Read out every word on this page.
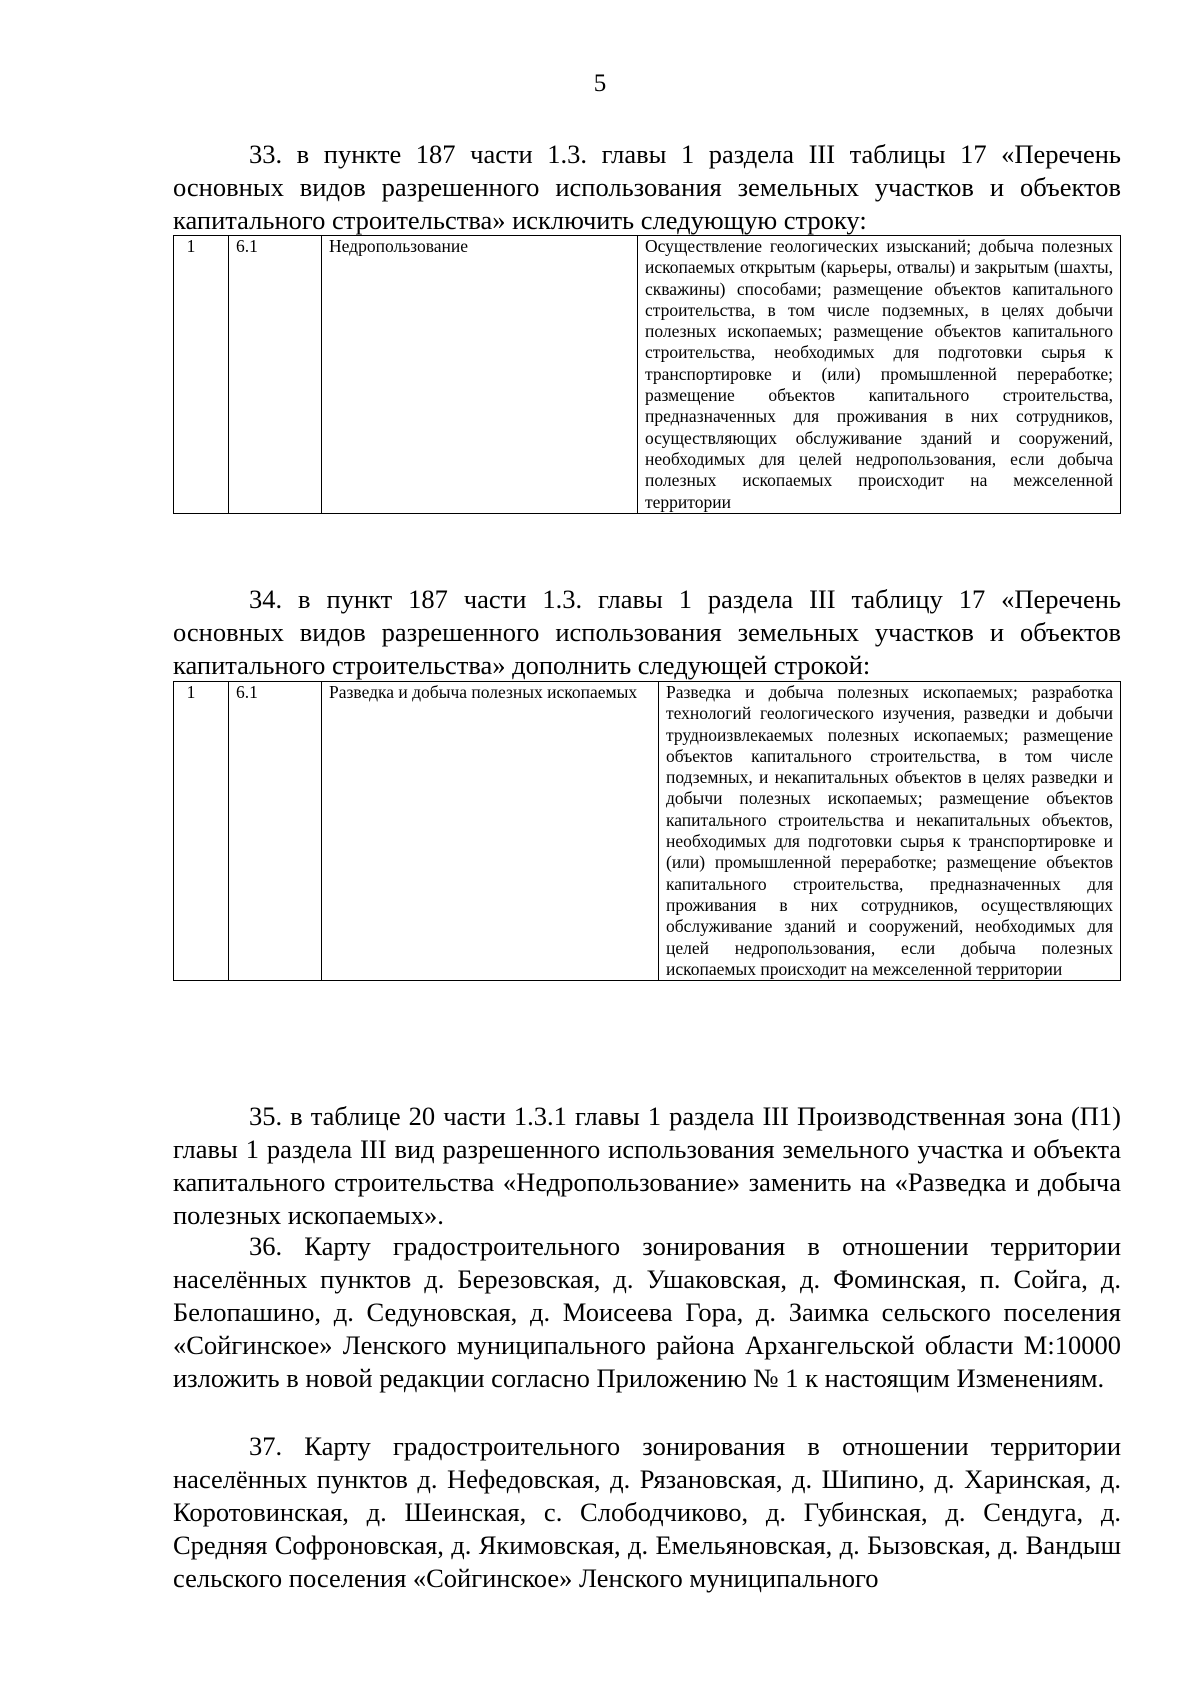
5

33. в пункте 187 части 1.3. главы 1 раздела III таблицы 17 «Перечень основных видов разрешенного использования земельных участков и объектов капитального строительства» исключить следующую строку:

1	6.1	Недропользование	Осуществление геологических изысканий; добыча полезных ископаемых открытым (карьеры, отвалы) и закрытым (шахты, скважины) способами; размещение объектов капитального строительства, в том числе подземных, в целях добычи полезных ископаемых; размещение объектов капитального строительства, необходимых для подготовки сырья к транспортировке и (или) промышленной переработке; размещение объектов капитального строительства, предназначенных для проживания в них сотрудников, осуществляющих обслуживание зданий и сооружений, необходимых для целей недропользования, если добыча полезных ископаемых происходит на межселенной территории

34. в пункт 187 части 1.3. главы 1 раздела III таблицу 17 «Перечень основных видов разрешенного использования земельных участков и объектов капитального строительства» дополнить следующей строкой:

1	6.1	Разведка и добыча полезных ископаемых	Разведка и добыча полезных ископаемых; разработка технологий геологического изучения, разведки и добычи трудноизвлекаемых полезных ископаемых; размещение объектов капитального строительства, в том числе подземных, и некапитальных объектов в целях разведки и добычи полезных ископаемых; размещение объектов капитального строительства и некапитальных объектов, необходимых для подготовки сырья к транспортировке и (или) промышленной переработке; размещение объектов капитального строительства, предназначенных для проживания в них сотрудников, осуществляющих обслуживание зданий и сооружений, необходимых для целей недропользования, если добыча полезных ископаемых происходит на межселенной территории

35. в таблице 20 части 1.3.1 главы 1 раздела III Производственная зона (П1) главы 1 раздела III вид разрешенного использования земельного участка и объекта капитального строительства «Недропользование» заменить на «Разведка и добыча полезных ископаемых».

36. Карту градостроительного зонирования в отношении территории населённых пунктов д. Березовская, д. Ушаковская, д. Фоминская, п. Сойга, д. Белопашино, д. Седуновская, д. Моисеева Гора, д. Заимка сельского поселения «Сойгинское» Ленского муниципального района Архангельской области М:10000 изложить в новой редакции согласно Приложению № 1 к настоящим Изменениям.

37. Карту градостроительного зонирования в отношении территории населённых пунктов д. Нефедовская, д. Рязановская, д. Шипино, д. Харинская, д. Коротовинская, д. Шеинская, с. Слободчиково, д. Губинская, д. Сендуга, д. Средняя Софроновская, д. Якимовская, д. Емельяновская, д. Бызовская, д. Вандыш сельского поселения «Сойгинское» Ленского муниципального
